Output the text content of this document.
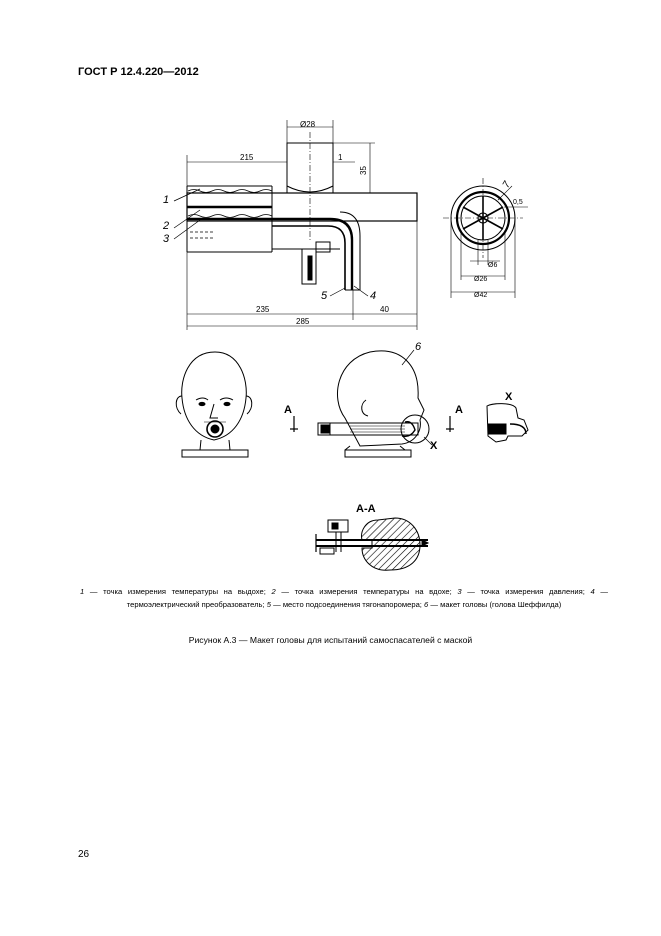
ГОСТ Р 12.4.220—2012
Ø28
215	1
35
235	40
285
1
2
3
5	4
Ø6
Ø26
Ø42
0,5
7
A	A
X
6
X
A-A
1 — точка измерения температуры на выдохе; 2 — точка измерения температуры на вдохе; 3 — точка измерения давления; 4 — термоэлектрический преобразователь; 5 — место подсоединения тягонапоромера; 6 — макет головы (голова Шеффилда)
Рисунок А.3 — Макет головы для испытаний самоспасателей с маской
26
